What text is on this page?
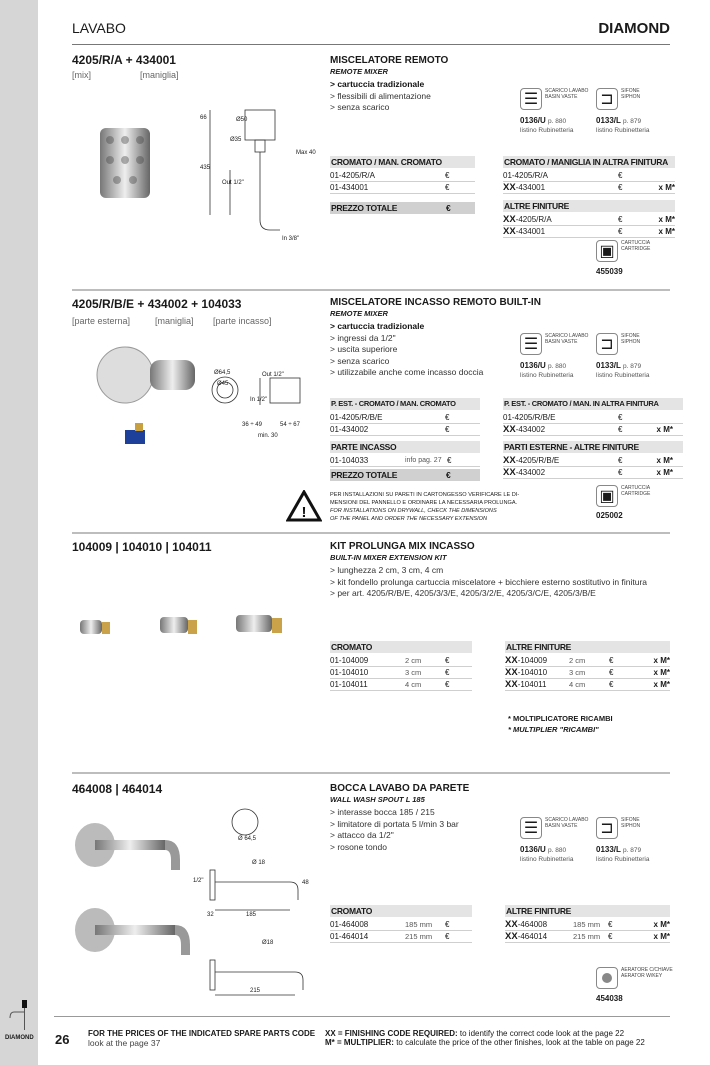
DIAMOND
LAVABO	DIAMOND
4205/R/A + 434001
[mix]	[maniglia]
Ø50
Ø35
66
435
Out 1/2"
Max 40
In 3/8"
MISCELATORE REMOTO
REMOTE MIXER
> cartuccia tradizionale
> flessibili di alimentazione
> senza scarico	☰	SCARICO LAVABO
BASIN VASTE	⊐	SIFONE
SIPHON
0136/U p. 880
listino Rubinetteria
0133/L p. 879
listino Rubinetteria
CROMATO / MAN. CROMATO
01-4205/R/A	€
01-434001	€
PREZZO TOTALE	€
CROMATO / MANIGLIA IN ALTRA FINITURA
01-4205/R/A	€
XX-434001	€	x M*
ALTRE FINITURE
XX-4205/R/A	€	x M*
XX-434001	€	x M*
▣	CARTUCCIA
CARTRIDGE
455039
4205/R/B/E + 434002 + 104033
[parte esterna]	[maniglia] [parte incasso]
Ø64,5
Ø45
Out 1/2"
In 1/2"
36 ÷ 49
min. 30
54 ÷ 67
MISCELATORE INCASSO REMOTO BUILT-IN
REMOTE MIXER
> cartuccia tradizionale
> ingressi da 1/2"
> uscita superiore
> senza scarico
> utilizzabile anche come incasso doccia
☰	SCARICO LAVABO
BASIN VASTE	⊐	SIFONE
SIPHON
0136/U p. 880
listino Rubinetteria
0133/L p. 879
listino Rubinetteria
P. EST. - CROMATO / MAN. CROMATO
01-4205/R/B/E	€
01-434002	€
PARTE INCASSO
01-104033	info pag. 27 €
PREZZO TOTALE	€
P. EST. - CROMATO / MAN. IN ALTRA FINITURA
01-4205/R/B/E	€
XX-434002	€	x M*
PARTI ESTERNE - ALTRE FINITURE
XX-4205/R/B/E	€	x M*
XX-434002	€	x M*
!
PER INSTALLAZIONI SU PARETI IN CARTONGESSO VERIFICARE LE DI-
MENSIONI DEL PANNELLO E ORDINARE LA NECESSARIA PROLUNGA.
FOR INSTALLATIONS ON DRYWALL, CHECK THE DIMENSIONS
OF THE PANEL AND ORDER THE NECESSARY EXTENSION
▣	CARTUCCIA
CARTRIDGE
025002
104009 | 104010 | 104011	KIT PROLUNGA MIX INCASSO
BUILT-IN MIXER EXTENSION KIT
> lunghezza 2 cm, 3 cm, 4 cm
> kit fondello prolunga cartuccia miscelatore + bicchiere esterno sostitutivo in finitura
> per art. 4205/R/B/E, 4205/3/3/E, 4205/3/2/E, 4205/3/C/E, 4205/3/B/E
CROMATO
01-104009	2 cm	€
01-104010	3 cm	€
01-104011	4 cm	€
ALTRE FINITURE
XX-104009	2 cm	€	x M*
XX-104010	3 cm	€	x M*
XX-104011	4 cm	€	x M*
* MOLTIPLICATORE RICAMBI
* MULTIPLIER "RICAMBI"
464008 | 464014
Ø 64,5
Ø 18
1/2"	48
32	185
Ø18
215
BOCCA LAVABO DA PARETE
WALL WASH SPOUT L 185
> interasse bocca 185 / 215
> limitatore di portata 5 l/min 3 bar
> attacco da 1/2"
> rosone tondo
☰	SCARICO LAVABO
BASIN VASTE	⊐	SIFONE
SIPHON
0136/U p. 880
listino Rubinetteria
0133/L p. 879
listino Rubinetteria
CROMATO
01-464008	185 mm	€
01-464014	215 mm	€
ALTRE FINITURE
XX-464008	185 mm €	x M*
XX-464014	215 mm €	x M*
AERATORE C/CHIAVE
AERATOR W/KEY
454038
26 FOR THE PRICES OF THE INDICATED SPARE PARTS CODE
look at the page 37
XX = FINISHING CODE REQUIRED: to identify the correct code look at the page 22
M* = MULTIPLIER: to calculate the price of the other finishes, look at the table on page 22
